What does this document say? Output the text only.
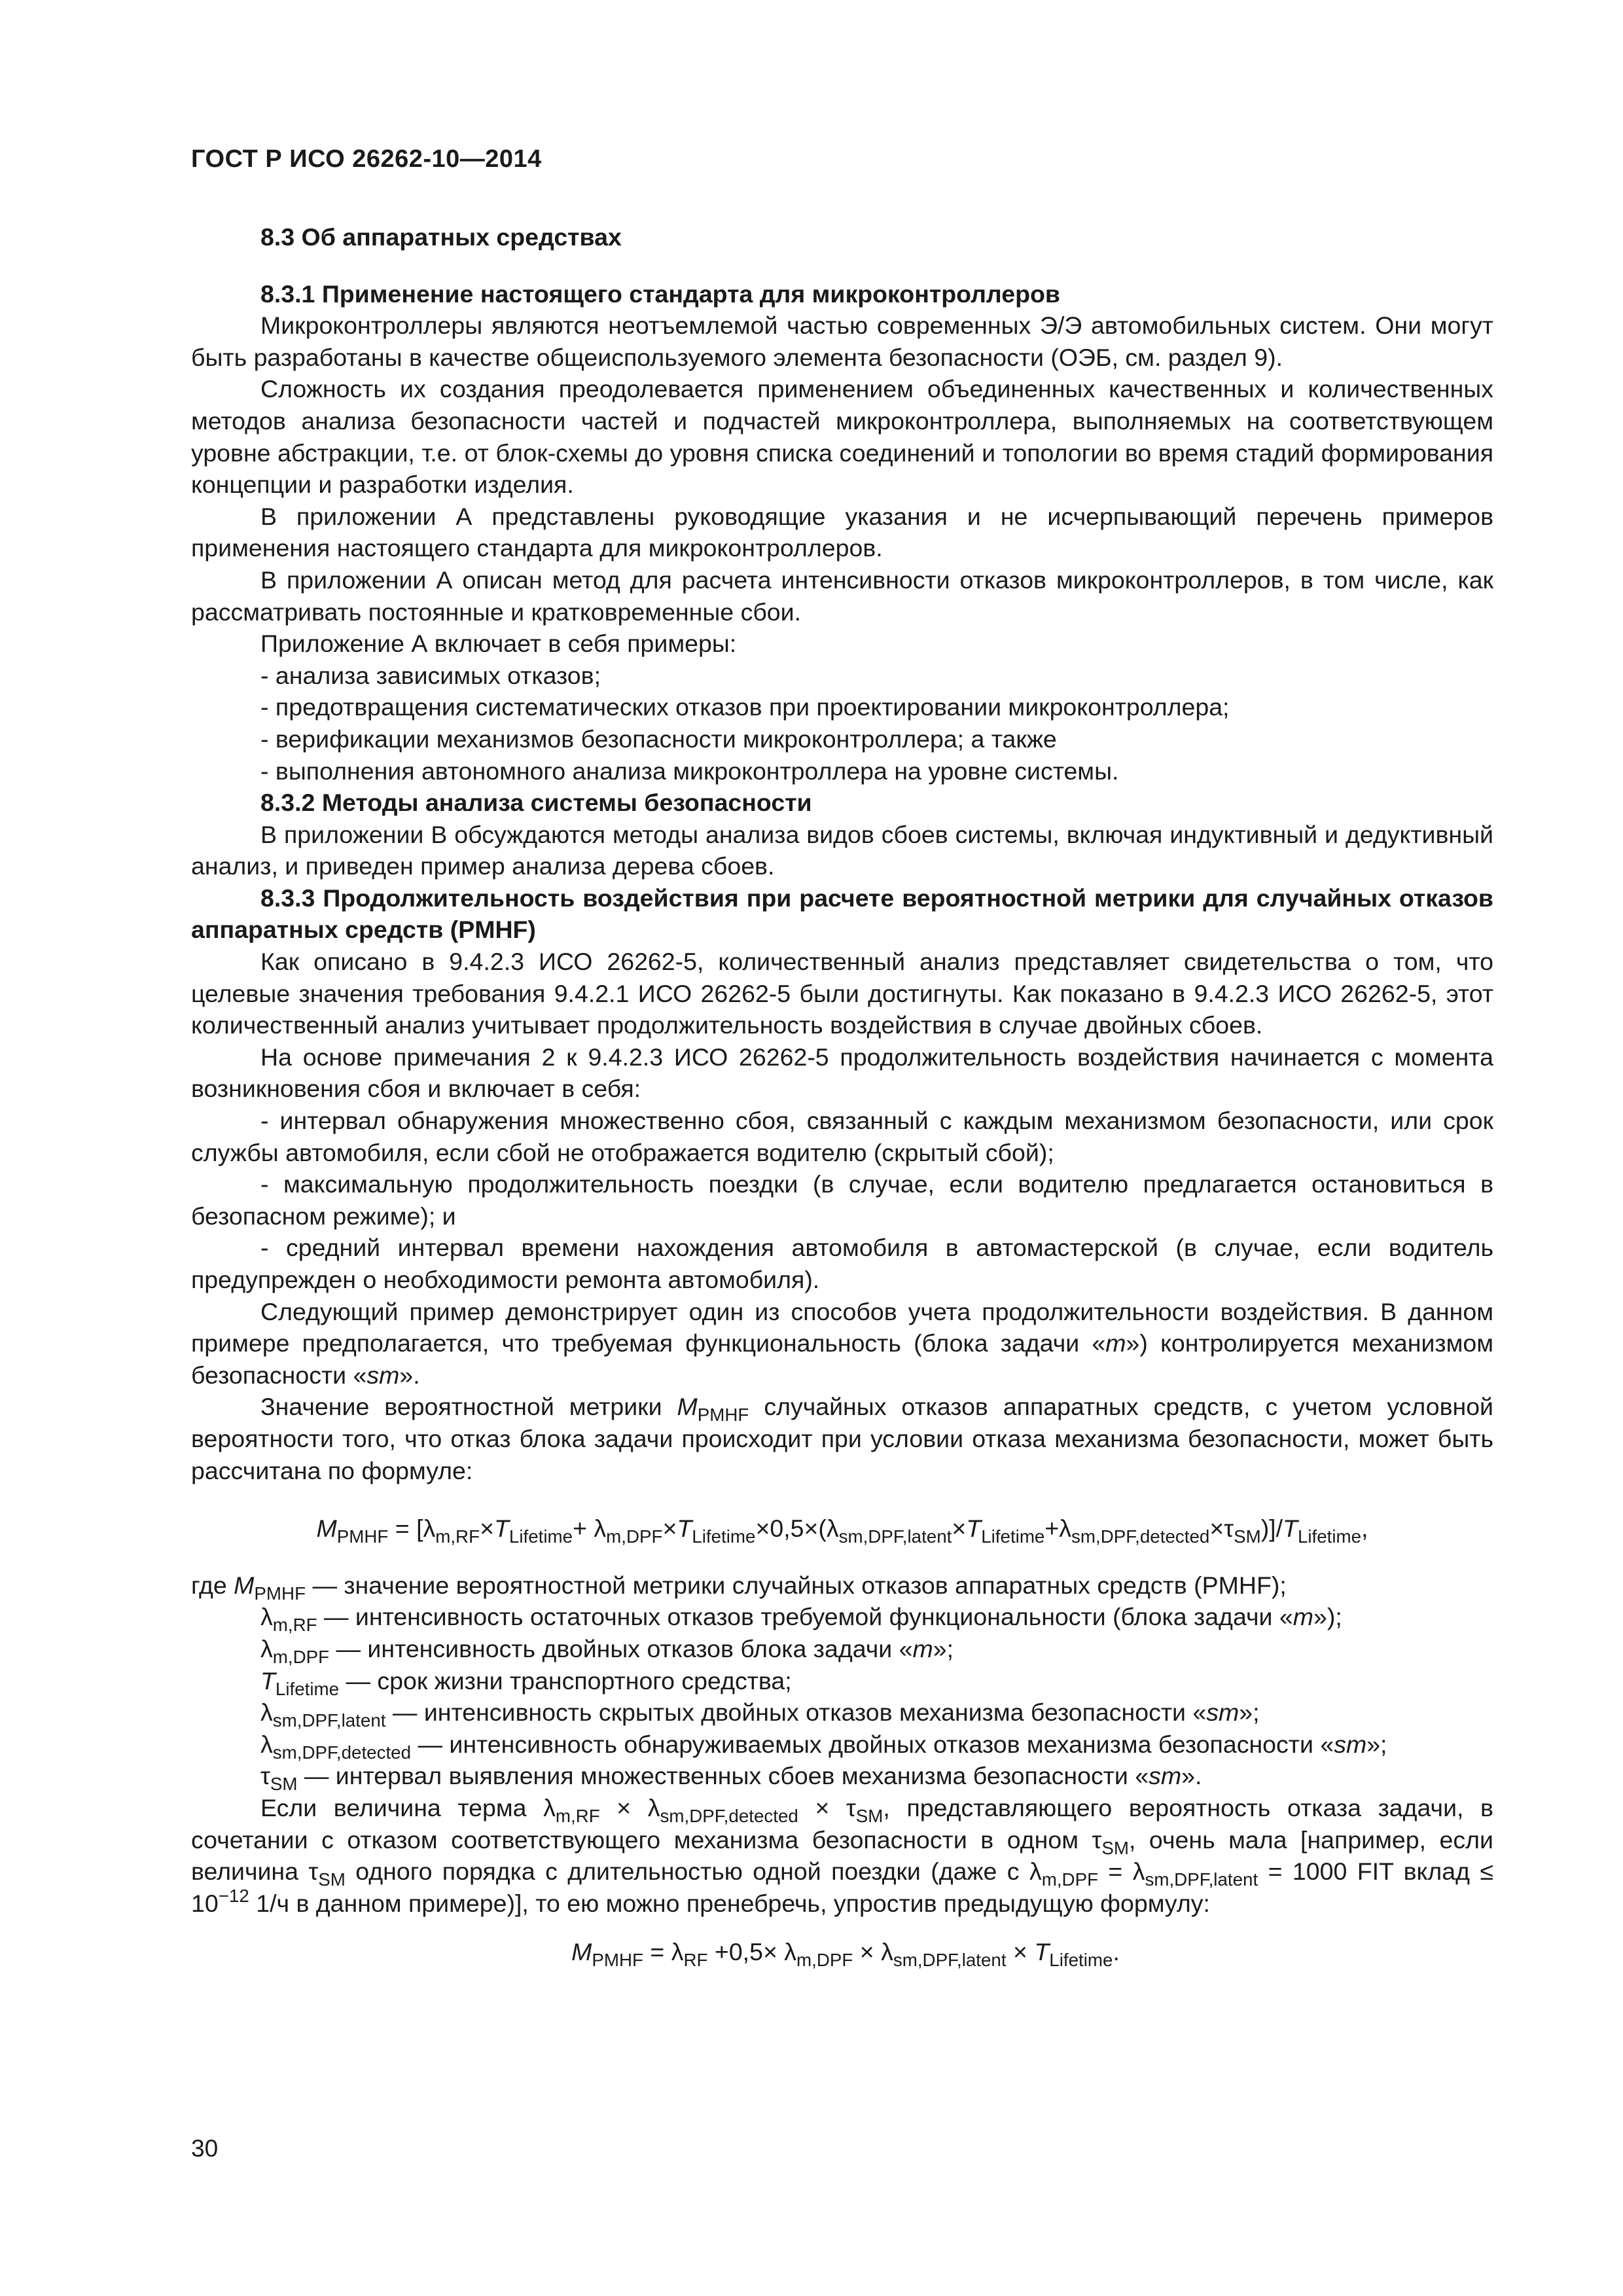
ГОСТ Р ИСО 26262-10—2014

8.3 Об аппаратных средствах

8.3.1 Применение настоящего стандарта для микроконтроллеров

Микроконтроллеры являются неотъемлемой частью современных Э/Э автомобильных систем. Они могут быть разработаны в качестве общеиспользуемого элемента безопасности (ОЭБ, см. раздел 9).

Сложность их создания преодолевается применением объединенных качественных и количественных методов анализа безопасности частей и подчастей микроконтроллера, выполняемых на соответствующем уровне абстракции, т.е. от блок-схемы до уровня списка соединений и топологии во время стадий формирования концепции и разработки изделия.

В приложении А представлены руководящие указания и не исчерпывающий перечень примеров применения настоящего стандарта для микроконтроллеров.

В приложении А описан метод для расчета интенсивности отказов микроконтроллеров, в том числе, как рассматривать постоянные и кратковременные сбои.

Приложение А включает в себя примеры:

- анализа зависимых отказов;

- предотвращения систематических отказов при проектировании микроконтроллера;

- верификации механизмов безопасности микроконтроллера; а также

- выполнения автономного анализа микроконтроллера на уровне системы.

8.3.2 Методы анализа системы безопасности

В приложении В обсуждаются методы анализа видов сбоев системы, включая индуктивный и дедуктивный анализ, и приведен пример анализа дерева сбоев.

8.3.3 Продолжительность воздействия при расчете вероятностной метрики для случайных отказов аппаратных средств (PMHF)

Как описано в 9.4.2.3 ИСО 26262-5, количественный анализ представляет свидетельства о том, что целевые значения требования 9.4.2.1 ИСО 26262-5 были достигнуты. Как показано в 9.4.2.3 ИСО 26262-5, этот количественный анализ учитывает продолжительность воздействия в случае двойных сбоев.

На основе примечания 2 к 9.4.2.3 ИСО 26262-5 продолжительность воздействия начинается с момента возникновения сбоя и включает в себя:

- интервал обнаружения множественно сбоя, связанный с каждым механизмом безопасности, или срок службы автомобиля, если сбой не отображается водителю (скрытый сбой);

- максимальную продолжительность поездки (в случае, если водителю предлагается остановиться в безопасном режиме); и

- средний интервал времени нахождения автомобиля в автомастерской (в случае, если водитель предупрежден о необходимости ремонта автомобиля).

Следующий пример демонстрирует один из способов учета продолжительности воздействия. В данном примере предполагается, что требуемая функциональность (блока задачи «m») контролируется механизмом безопасности «sm».

Значение вероятностной метрики $M_{PMHF}$ случайных отказов аппаратных средств, с учетом условной вероятности того, что отказ блока задачи происходит при условии отказа механизма безопасности, может быть рассчитана по формуле:

$M_{PMHF} = [\lambda_{m,RF}\times T_{Lifetime}+ \lambda_{m,DPF}\times T_{Lifetime}\times 0,5\times(\lambda_{sm,DPF,latent}\times T_{Lifetime}+\lambda_{sm,DPF,detected}\times\tau_{SM})]/T_{Lifetime}$,

где $M_{PMHF}$ — значение вероятностной метрики случайных отказов аппаратных средств (PMHF);

$\lambda_{m,RF}$ — интенсивность остаточных отказов требуемой функциональности (блока задачи «m»);

$\lambda_{m,DPF}$ — интенсивность двойных отказов блока задачи «m»;

$T_{Lifetime}$ — срок жизни транспортного средства;

$\lambda_{sm,DPF,latent}$ — интенсивность скрытых двойных отказов механизма безопасности «sm»;

$\lambda_{sm,DPF,detected}$ — интенсивность обнаруживаемых двойных отказов механизма безопасности «sm»;

$\tau_{SM}$ — интервал выявления множественных сбоев механизма безопасности «sm».

Если величина терма $\lambda_{m,RF} \times \lambda_{sm,DPF,detected} \times \tau_{SM}$, представляющего вероятность отказа задачи, в сочетании с отказом соответствующего механизма безопасности в одном $\tau_{SM}$, очень мала [например, если величина $\tau_{SM}$ одного порядка с длительностью одной поездки (даже с $\lambda_{m,DPF} = \lambda_{sm,DPF,latent} = 1000$ FIT вклад ≤ $10^{-12}$ 1/ч в данном примере)], то ею можно пренебречь, упростив предыдущую формулу:

$M_{PMHF} = \lambda_{RF} +0,5\times \lambda_{m,DPF} \times \lambda_{sm,DPF,latent} \times T_{Lifetime}$.

30
